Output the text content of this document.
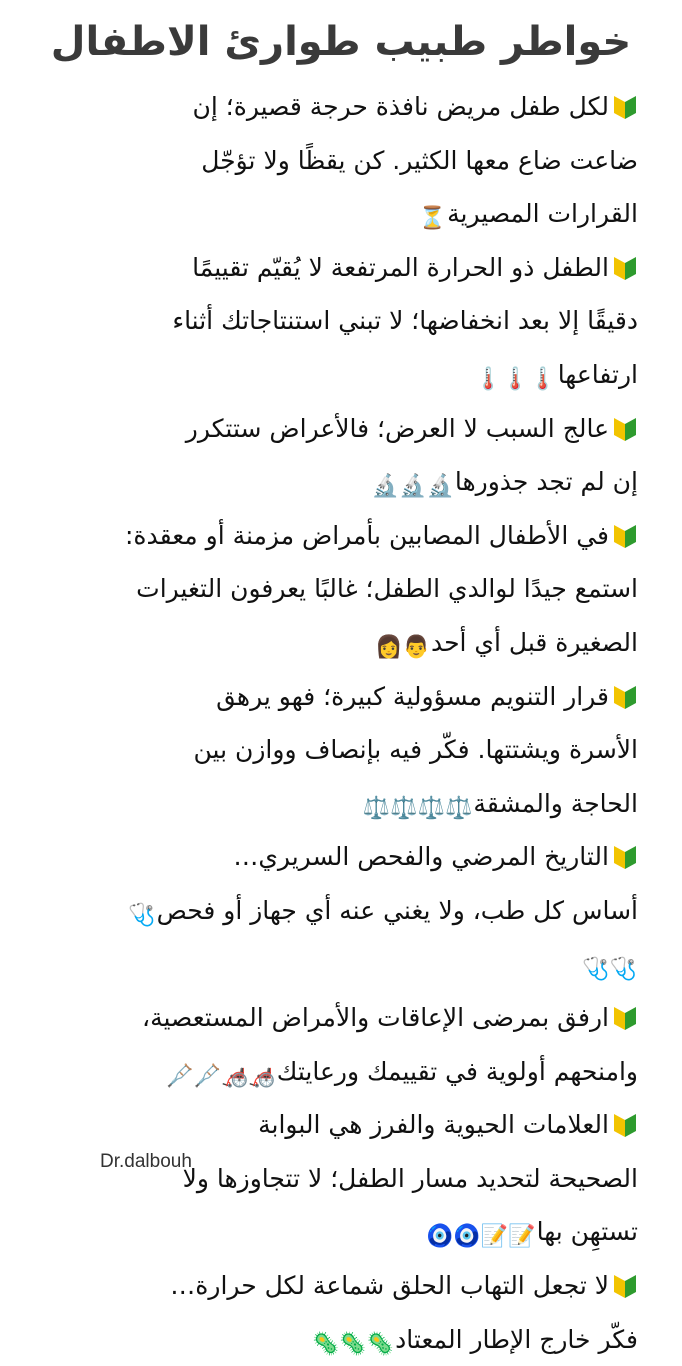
خواطر طبيب طوارئ الاطفال
لكل طفل مريض نافذة حرجة قصيرة؛ إن
ضاعت ضاع معها الكثير. كن يقظًا ولا تؤجّل
القرارات المصيرية⏳
الطفل ذو الحرارة المرتفعة لا يُقيّم تقييمًا
دقيقًا إلا بعد انخفاضها؛ لا تبني استنتاجاتك أثناء
ارتفاعها🌡️🌡️🌡️
عالج السبب لا العرض؛ فالأعراض ستتكرر
إن لم تجد جذورها🔬🔬🔬
في الأطفال المصابين بأمراض مزمنة أو معقدة:
استمع جيدًا لوالدي الطفل؛ غالبًا يعرفون التغيرات
الصغيرة قبل أي أحد👨👩
قرار التنويم مسؤولية كبيرة؛ فهو يرهق
الأسرة ويشتتها. فكّر فيه بإنصاف ووازن بين
الحاجة والمشقة⚖️⚖️⚖️⚖️
التاريخ المرضي والفحص السريري…
أساس كل طب، ولا يغني عنه أي جهاز أو فحص🩺
🩺🩺
ارفق بمرضى الإعاقات والأمراض المستعصية،
وامنحهم أولوية في تقييمك ورعايتك🦽🦽🩼🩼
العلامات الحيوية والفرز هي البوابة
الصحيحة لتحديد مسار الطفل؛ لا تتجاوزها ولا
تستهِن بها📝📝🧿🧿
لا تجعل التهاب الحلق شماعة لكل حرارة…
فكّر خارج الإطار المعتاد🦠🦠🦠
Dr.dalbouh
